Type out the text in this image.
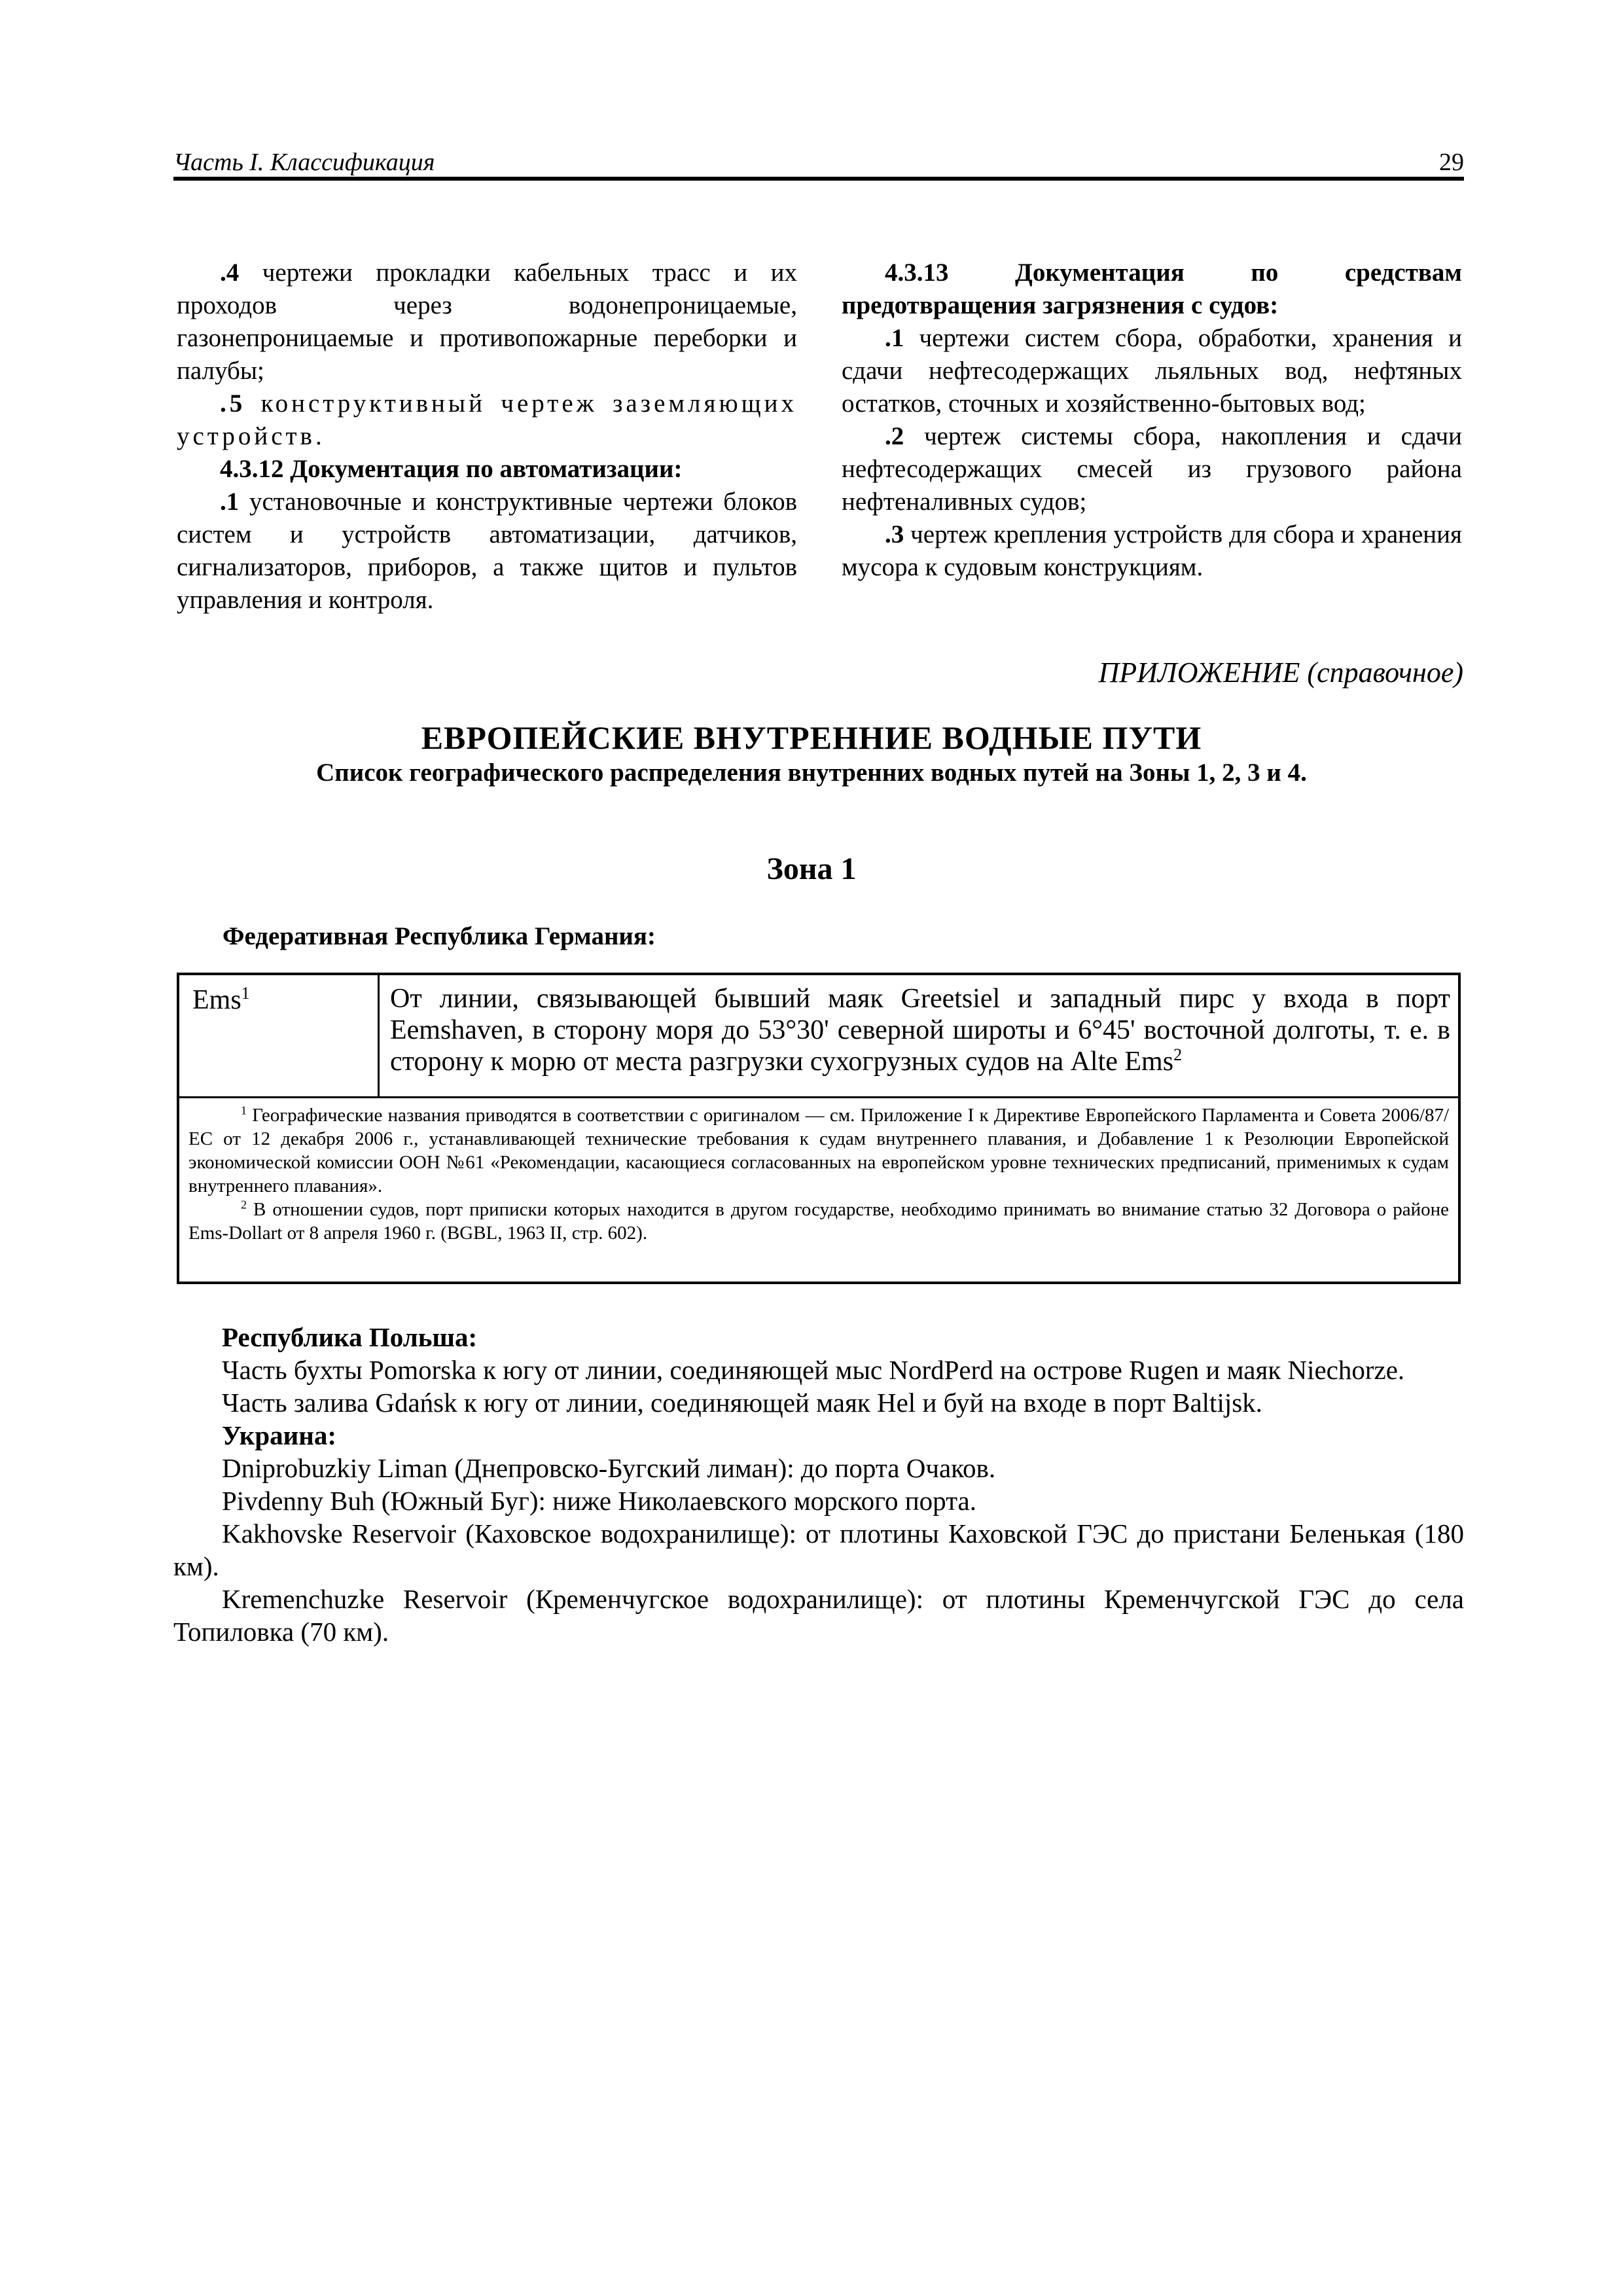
Часть I. Классификация	29

.4 чертежи прокладки кабельных трасс и их проходов через водонепроницаемые, газонепроницаемые и противопожарные переборки и палубы;

.5 конструктивный чертеж заземляющих устройств.

4.3.12 Документация по автоматизации:

.1 установочные и конструктивные чертежи блоков систем и устройств автоматизации, датчиков, сигнализаторов, приборов, а также щитов и пультов управления и контроля.

4.3.13 Документация по средствам предотвращения загрязнения с судов:

.1 чертежи систем сбора, обработки, хранения и сдачи нефтесодержащих льяльных вод, нефтяных остатков, сточных и хозяйственно-бытовых вод;

.2 чертеж системы сбора, накопления и сдачи нефтесодержащих смесей из грузового района нефтеналивных судов;

.3 чертеж крепления устройств для сбора и хранения мусора к судовым конструкциям.

ПРИЛОЖЕНИЕ (справочное)
ЕВРОПЕЙСКИЕ ВНУТРЕННИЕ ВОДНЫЕ ПУТИ
Список географического распределения внутренних водных путей на Зоны 1, 2, 3 и 4.
Зона 1
Федеративная Республика Германия:
Ems$^1$	От линии, связывающей бывший маяк Greetsiel и западный пирс у входа в порт Eemshaven, в сторону моря до 53°30' северной широты и 6°45' восточной долготы, т. е. в сторону к морю от места разгрузки сухогрузных судов на Alte Ems$^2$

$^1$ Географические названия приводятся в соответствии с оригиналом — см. Приложение I к Директиве Европейского Парламента и Совета 2006/87/ЕС от 12 декабря 2006 г., устанавливающей технические требования к судам внутреннего плавания, и Добавление 1 к Резолюции Европейской экономической комиссии ООН №61 «Рекомендации, касающиеся согласованных на европейском уровне технических предписаний, применимых к судам внутреннего плавания».

$^2$ В отношении судов, порт приписки которых находится в другом государстве, необходимо принимать во внимание статью 32 Договора о районе Ems-Dollart от 8 апреля 1960 г. (BGBL, 1963 II, стр. 602).

Республика Польша:

Часть бухты Pomorska к югу от линии, соединяющей мыс NordPerd на острове Rugen и маяк Niechorze.

Часть залива Gdańsk к югу от линии, соединяющей маяк Hel и буй на входе в порт Baltijsk.

Украина:

Dniprobuzkiy Liman (Днепровско-Бугский лиман): до порта Очаков.

Pivdenny Buh (Южный Буг): ниже Николаевского морского порта.

Kakhovske Reservoir (Каховское водохранилище): от плотины Каховской ГЭС до пристани Беленькая (180 км).

Kremenchuzke Reservoir (Кременчугское водохранилище): от плотины Кременчугской ГЭС до села Топиловка (70 км).
